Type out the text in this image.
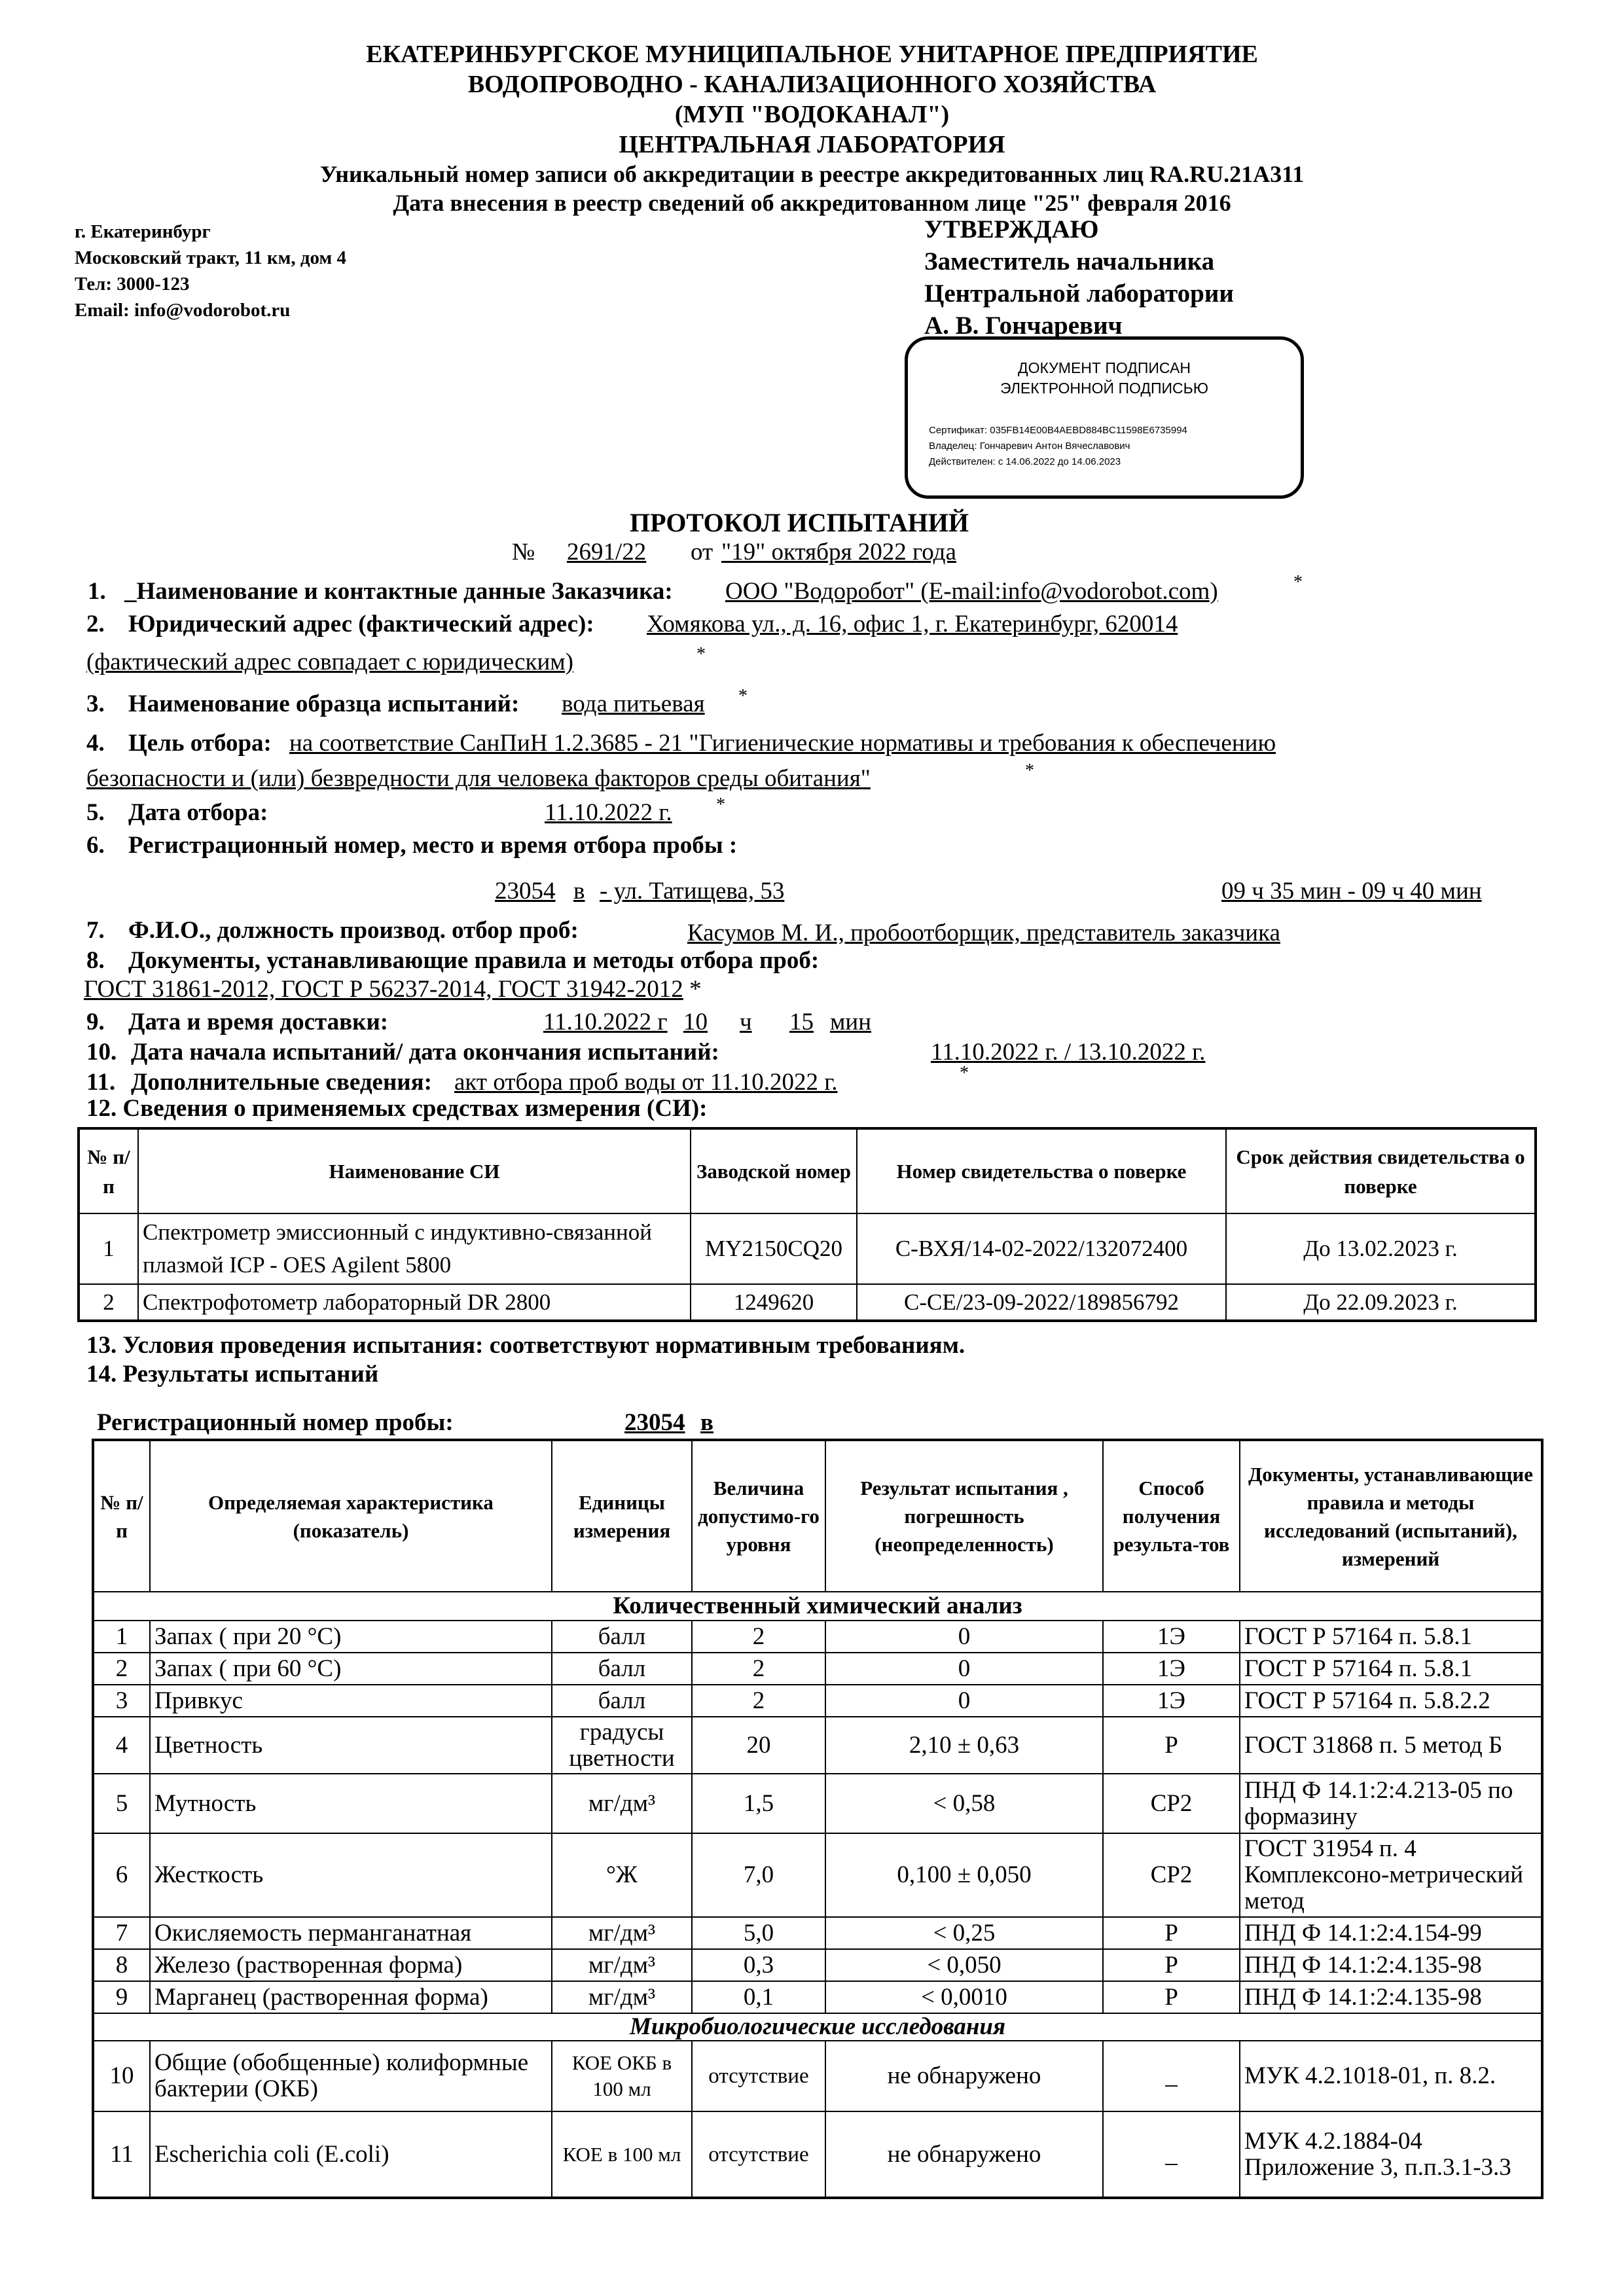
ЕКАТЕРИНБУРГСКОЕ МУНИЦИПАЛЬНОЕ УНИТАРНОЕ ПРЕДПРИЯТИЕ
ВОДОПРОВОДНО - КАНАЛИЗАЦИОННОГО ХОЗЯЙСТВА
(МУП "ВОДОКАНАЛ")
ЦЕНТРАЛЬНАЯ ЛАБОРАТОРИЯ
Уникальный номер записи об аккредитации в реестре аккредитованных лиц RA.RU.21A311
Дата внесения в реестр сведений об аккредитованном лице "25" февраля 2016
г. Екатеринбург
Московский тракт, 11 км, дом 4
Тел: 3000-123
Email: info@vodorobot.ru
УТВЕРЖДАЮ
Заместитель начальника
Центральной лаборатории
А. В. Гончаревич
ДОКУМЕНТ ПОДПИСАН
ЭЛЕКТРОННОЙ ПОДПИСЬЮ
Сертификат: 035FB14E00B4AEBD884BC11598E6735994
Владелец: Гончаревич Антон Вячеславович
Действителен: с 14.06.2022 до 14.06.2023
ПРОТОКОЛ ИСПЫТАНИЙ
№ 2691/22 от "19" октября 2022 года
1. _Наименование и контактные данные Заказчика: ООО "Водоробот" (E-mail:info@vodorobot.com)	*
2. Юридический адрес (фактический адрес): Хомякова ул., д. 16, офис 1, г. Екатеринбург, 620014
(фактический адрес совпадает с юридическим)	*
3. Наименование образца испытаний: вода питьевая *
4. Цель отбора: на соответствие СанПиН 1.2.3685 - 21 "Гигиенические нормативы и требования к обеспечению
безопасности и (или) безвредности для человека факторов среды обитания"	*
5. Дата отбора:	11.10.2022 г. *
6. Регистрационный номер, место и время отбора пробы :
23054 в - ул. Татищева, 53	09 ч 35 мин - 09 ч 40 мин
7. Ф.И.О., должность производ. отбор проб:	Касумов М. И., пробоотборщик, представитель заказчика
8. Документы, устанавливающие правила и методы отбора проб:
ГОСТ 31861-2012, ГОСТ Р 56237-2014, ГОСТ 31942-2012 *
9. Дата и время доставки:	11.10.2022 г 10 ч 15 мин
10. Дата начала испытаний/ дата окончания испытаний:	11.10.2022 г. / 13.10.2022 г.
11. Дополнительные сведения: акт отбора проб воды от 11.10.2022 г.	*
12. Сведения о применяемых средствах измерения (СИ):
№ п/п	Наименование СИ	Заводской номер	Номер свидетельства о поверке	Срок действия свидетельства о поверке
1	Спектрометр эмиссионный с индуктивно-связанной плазмой ICP - OES Agilent 5800	MY2150CQ20	С-ВХЯ/14-02-2022/132072400	До 13.02.2023 г.
2	Спектрофотометр лабораторный DR 2800	1249620	С-СЕ/23-09-2022/189856792	До 22.09.2023 г.
13. Условия проведения испытания: соответствуют нормативным требованиям.
14. Результаты испытаний
Регистрационный номер пробы:	23054 в
№ п/п	Определяемая характеристика (показатель)	Единицы измерения	Величина допустимо-го уровня	Результат испытания , погрешность (неопределенность)	Способ получения результа-тов	Документы, устанавливающие правила и методы исследований (испытаний), измерений
Количественный химический анализ						
1	Запах ( при 20 °С)	балл	2	0	1Э	ГОСТ Р 57164 п. 5.8.1
2	Запах ( при 60 °С)	балл	2	0	1Э	ГОСТ Р 57164 п. 5.8.1
3	Привкус	балл	2	0	1Э	ГОСТ Р 57164 п. 5.8.2.2
4	Цветность	градусы цветности	20	2,10 ± 0,63	Р	ГОСТ 31868 п. 5 метод Б
5	Мутность	мг/дм³	1,5	< 0,58	СР2	ПНД Ф 14.1:2:4.213-05 по формазину
6	Жесткость	°Ж	7,0	0,100 ± 0,050	СР2	ГОСТ 31954 п. 4 Комплексоно-метрический метод
7	Окисляемость перманганатная	мг/дм³	5,0	< 0,25	Р	ПНД Ф 14.1:2:4.154-99
8	Железо (растворенная форма)	мг/дм³	0,3	< 0,050	Р	ПНД Ф 14.1:2:4.135-98
9	Марганец (растворенная форма)	мг/дм³	0,1	< 0,0010	Р	ПНД Ф 14.1:2:4.135-98
Микробиологические исследования						
10	Общие (обобщенные) колиформные бактерии (ОКБ)	КОЕ ОКБ в 100 мл	отсутствие	не обнаружено	_	МУК 4.2.1018-01, п. 8.2.
11	Escherichia coli (E.coli)	КОЕ в 100 мл	отсутствие	не обнаружено	_	МУК 4.2.1884-04 Приложение 3, п.п.3.1-3.3
